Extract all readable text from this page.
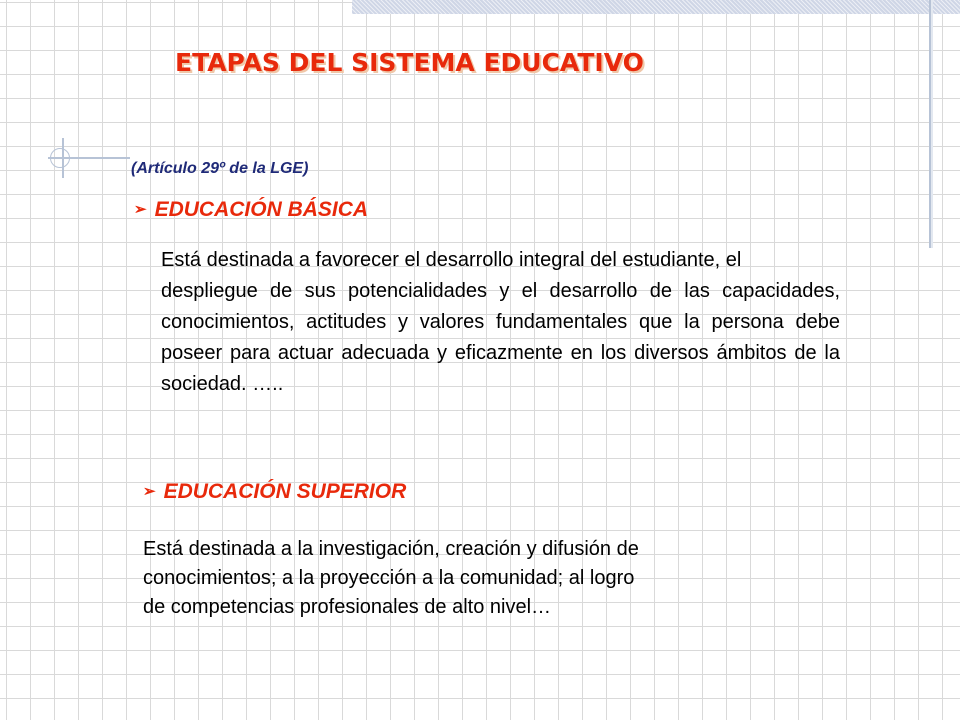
ETAPAS DEL SISTEMA EDUCATIVO
(Artículo 29º de la LGE)
➢ EDUCACIÓN BÁSICA
Está destinada a favorecer el desarrollo integral del estudiante, el
despliegue de sus potencialidades y el desarrollo de las capacidades, conocimientos, actitudes y valores fundamentales que la persona debe poseer para actuar adecuada y eficazmente en los diversos ámbitos de la sociedad. …..
➢ EDUCACIÓN SUPERIOR
Está destinada a la investigación, creación y difusión de
conocimientos; a la proyección a la comunidad; al logro
de competencias profesionales de alto nivel…
